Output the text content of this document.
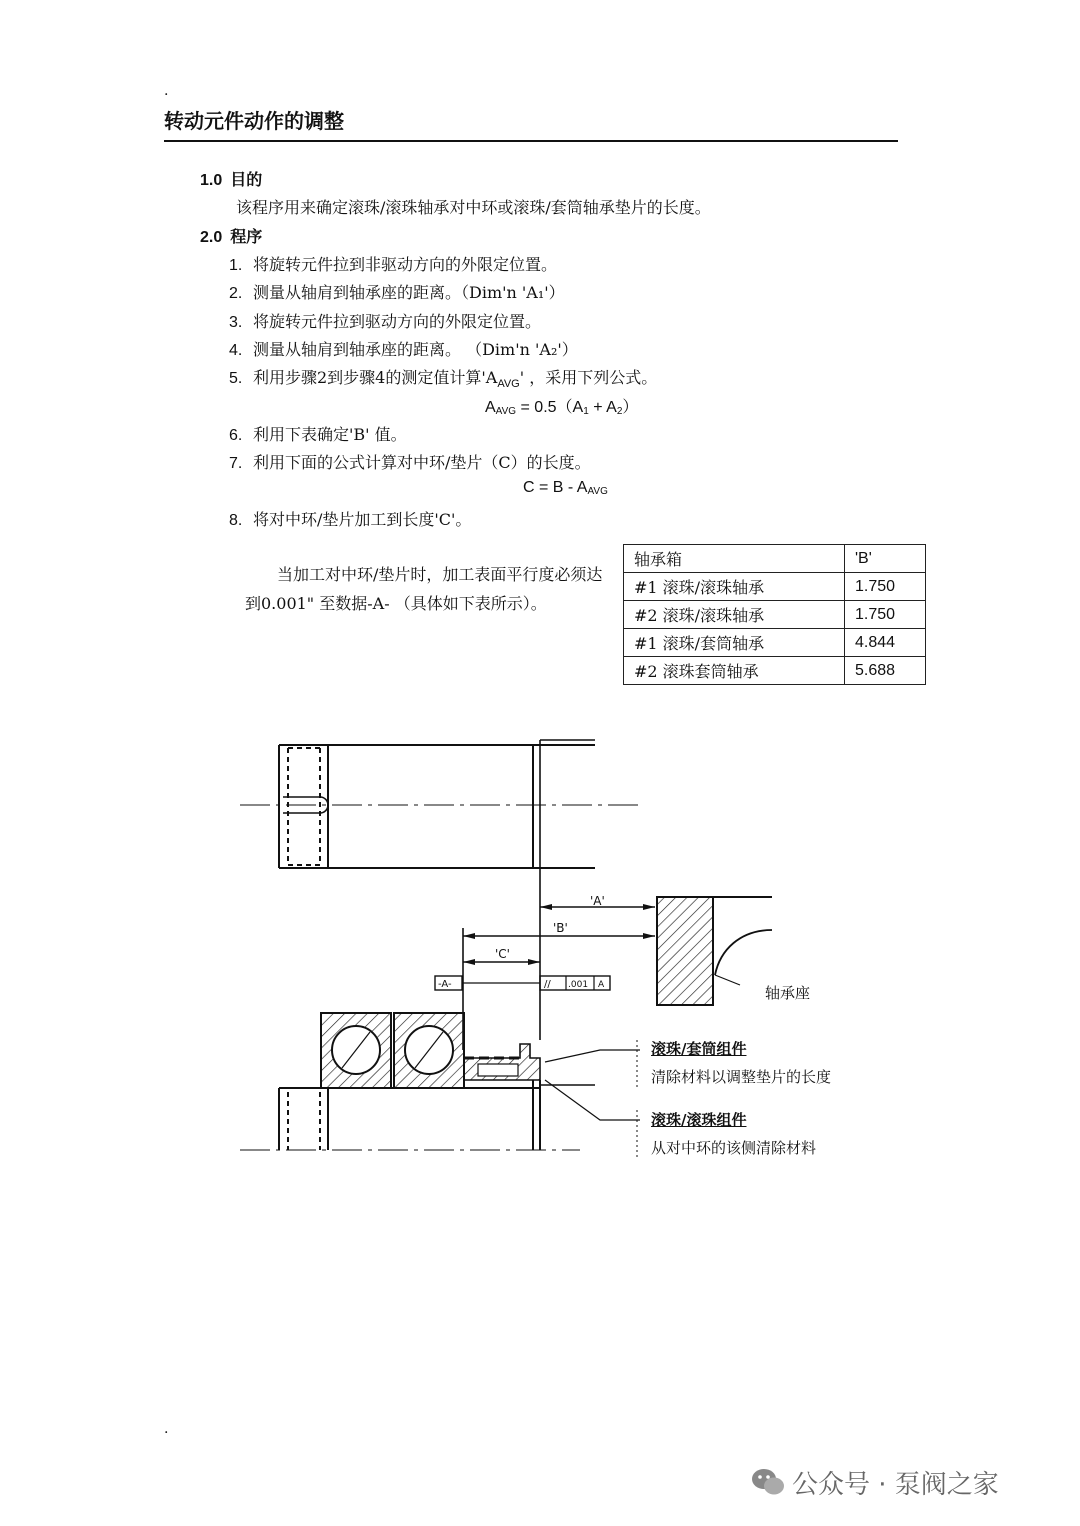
.
转动元件动作的调整
1.0 目的
该程序用来确定滚珠/滚珠轴承对中环或滚珠/套筒轴承垫片的长度。
2.0 程序
1. 将旋转元件拉到非驱动方向的外限定位置。
2. 测量从轴肩到轴承座的距离。（Dim'n 'A₁'）
3. 将旋转元件拉到驱动方向的外限定位置。
4. 测量从轴肩到轴承座的距离。 （Dim'n 'A₂'）
5. 利用步骤2到步骤4的测定值计算'$A_{AVG}$' ，采用下列公式。
$A_{AVG} = 0.5(A_1 + A_2)$
6. 利用下表确定'B' 值。
7. 利用下面的公式计算对中环/垫片（C）的长度。
$C = B - A_{AVG}$
8. 将对中环/垫片加工到长度'C'。
当加工对中环/垫片时，加工表面平行度必须达到0.001" 至数据-A- （具体如下表所示）。
轴承箱	'B'
#1 滚珠/滚珠轴承	1.750
#2 滚珠/滚珠轴承	1.750
#1 滚珠/套筒轴承	4.844
#2 滚珠套筒轴承	5.688
'A'
'B'
'C'
-A-	// .001 A	轴承座
滚珠/套筒组件
清除材料以调整垫片的长度
滚珠/滚珠组件
从对中环的该侧清除材料
.
公众号 · 泵阀之家
